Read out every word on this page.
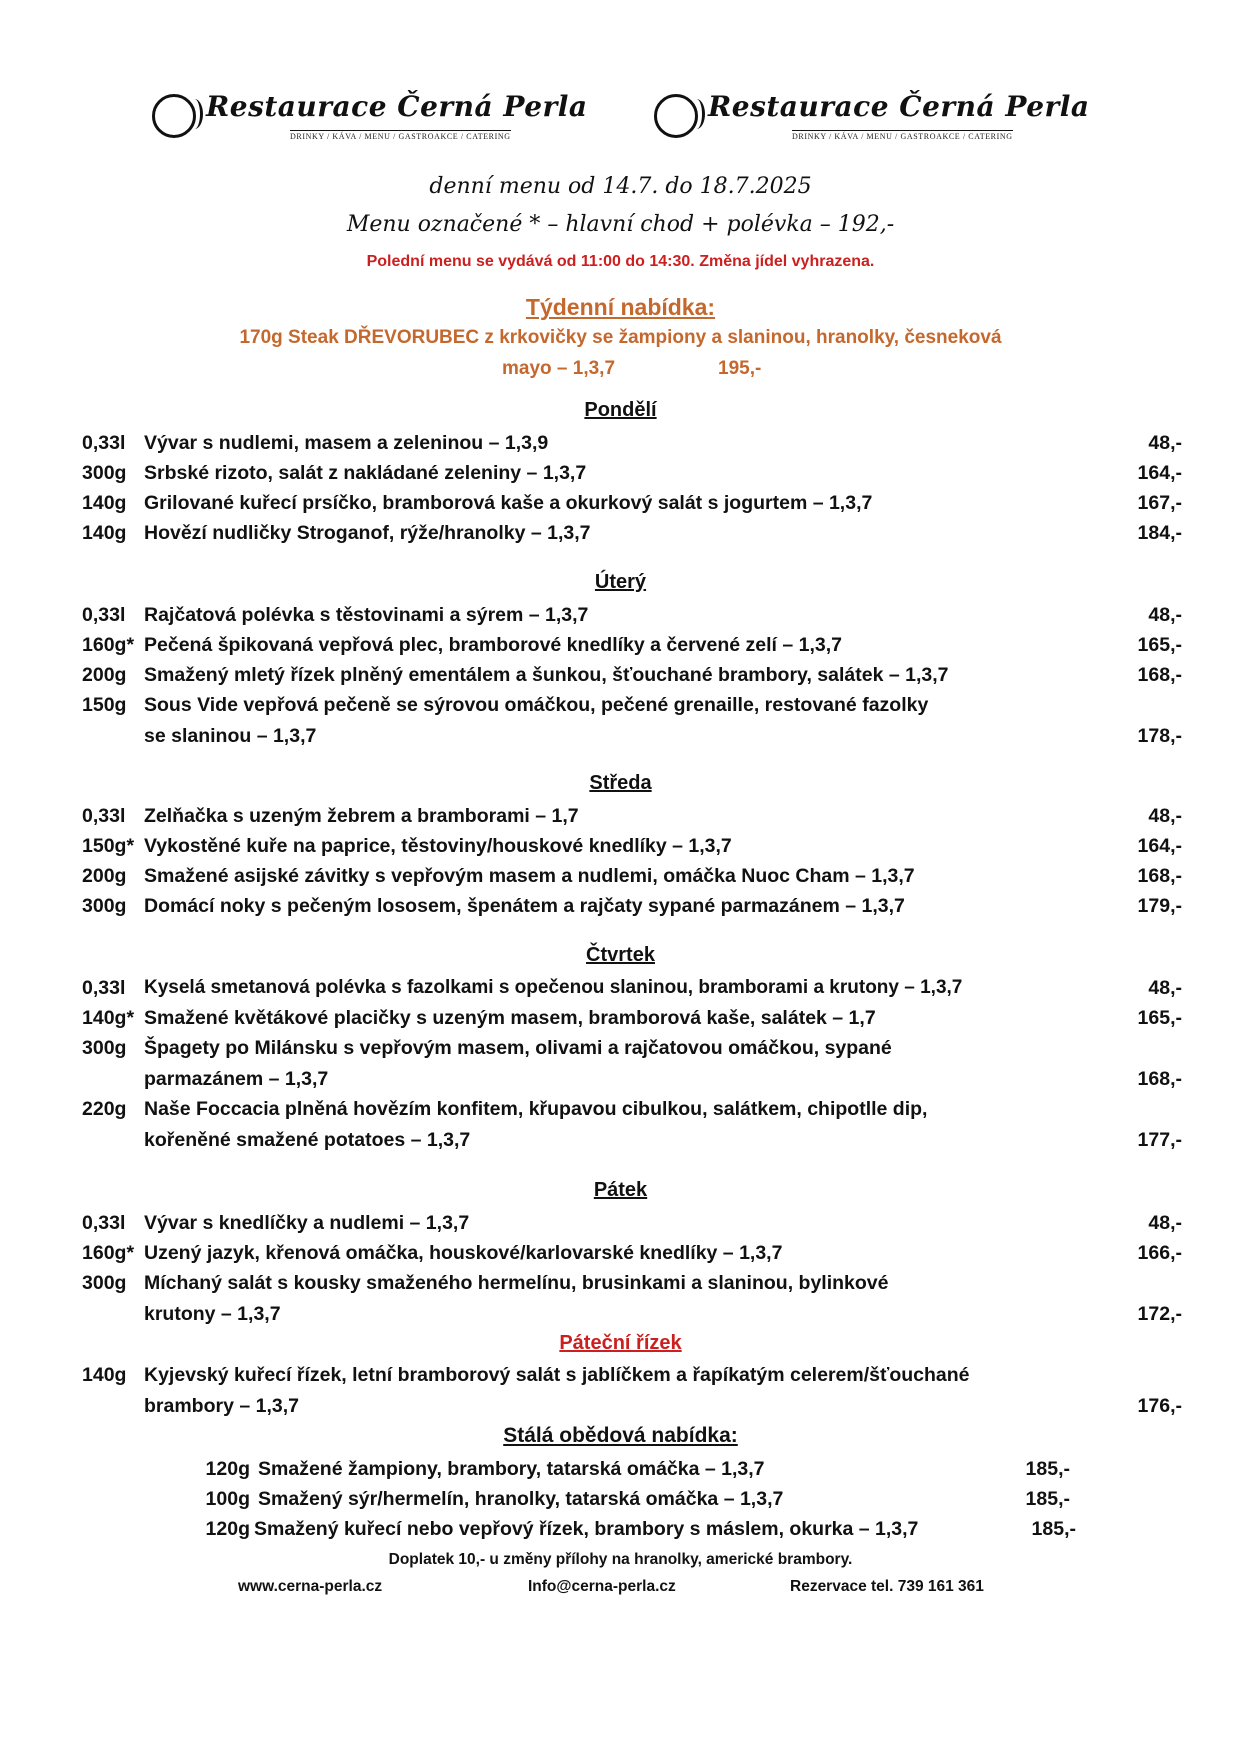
Restaurace Černá Perla
DRINKY / KÁVA / MENU / GASTROAKCE / CATERING
Restaurace Černá Perla
DRINKY / KÁVA / MENU / GASTROAKCE / CATERING
denní menu od 14.7. do 18.7.2025
Menu označené * – hlavní chod + polévka – 192,-
Polední menu se vydává od 11:00 do 14:30. Změna jídel vyhrazena.
Týdenní nabídka:
170g Steak DŘEVORUBEC z krkovičky se žampiony a slaninou, hranolky, česneková
mayo – 1,3,7	195,-
Pondělí
0,33l Vývar s nudlemi, masem a zeleninou – 1,3,9	48,-
300g Srbské rizoto, salát z nakládané zeleniny – 1,3,7	164,-
140g Grilované kuřecí prsíčko, bramborová kaše a okurkový salát s jogurtem – 1,3,7	167,-
140g Hovězí nudličky Stroganof, rýže/hranolky – 1,3,7	184,-
Úterý
0,33l Rajčatová polévka s těstovinami a sýrem – 1,3,7	48,-
160g* Pečená špikovaná vepřová plec, bramborové knedlíky a červené zelí – 1,3,7	165,-
200g Smažený mletý řízek plněný ementálem a šunkou, šťouchané brambory, salátek – 1,3,7	168,-
150g Sous Vide vepřová pečeně se sýrovou omáčkou, pečené grenaille, restované fazolky
se slaninou – 1,3,7	178,-
Středa
0,33l Zelňačka s uzeným žebrem a bramborami – 1,7	48,-
150g* Vykostěné kuře na paprice, těstoviny/houskové knedlíky – 1,3,7	164,-
200g Smažené asijské závitky s vepřovým masem a nudlemi, omáčka Nuoc Cham – 1,3,7	168,-
300g Domácí noky s pečeným lososem, špenátem a rajčaty sypané parmazánem – 1,3,7	179,-
Čtvrtek
0,33l Kyselá smetanová polévka s fazolkami s opečenou slaninou, bramborami a krutony – 1,3,7	48,-
140g* Smažené květákové placičky s uzeným masem, bramborová kaše, salátek – 1,7	165,-
300g Špagety po Milánsku s vepřovým masem, olivami a rajčatovou omáčkou, sypané
parmazánem – 1,3,7	168,-
220g Naše Foccacia plněná hovězím konfitem, křupavou cibulkou, salátkem, chipotlle dip,
kořeněné smažené potatoes – 1,3,7	177,-
Pátek
0,33l Vývar s knedlíčky a nudlemi – 1,3,7	48,-
160g* Uzený jazyk, křenová omáčka, houskové/karlovarské knedlíky – 1,3,7	166,-
300g Míchaný salát s kousky smaženého hermelínu, brusinkami a slaninou, bylinkové
krutony – 1,3,7	172,-
Páteční řízek
140g Kyjevský kuřecí řízek, letní bramborový salát s jablíčkem a řapíkatým celerem/šťouchané
brambory – 1,3,7	176,-
Stálá obědová nabídka:
120g Smažené žampiony, brambory, tatarská omáčka – 1,3,7	185,-
100g Smažený sýr/hermelín, hranolky, tatarská omáčka – 1,3,7	185,-
120g Smažený kuřecí nebo vepřový řízek, brambory s máslem, okurka – 1,3,7	185,-
Doplatek 10,- u změny přílohy na hranolky, americké brambory.
www.cerna-perla.cz	Info@cerna-perla.cz	Rezervace tel. 739 161 361
